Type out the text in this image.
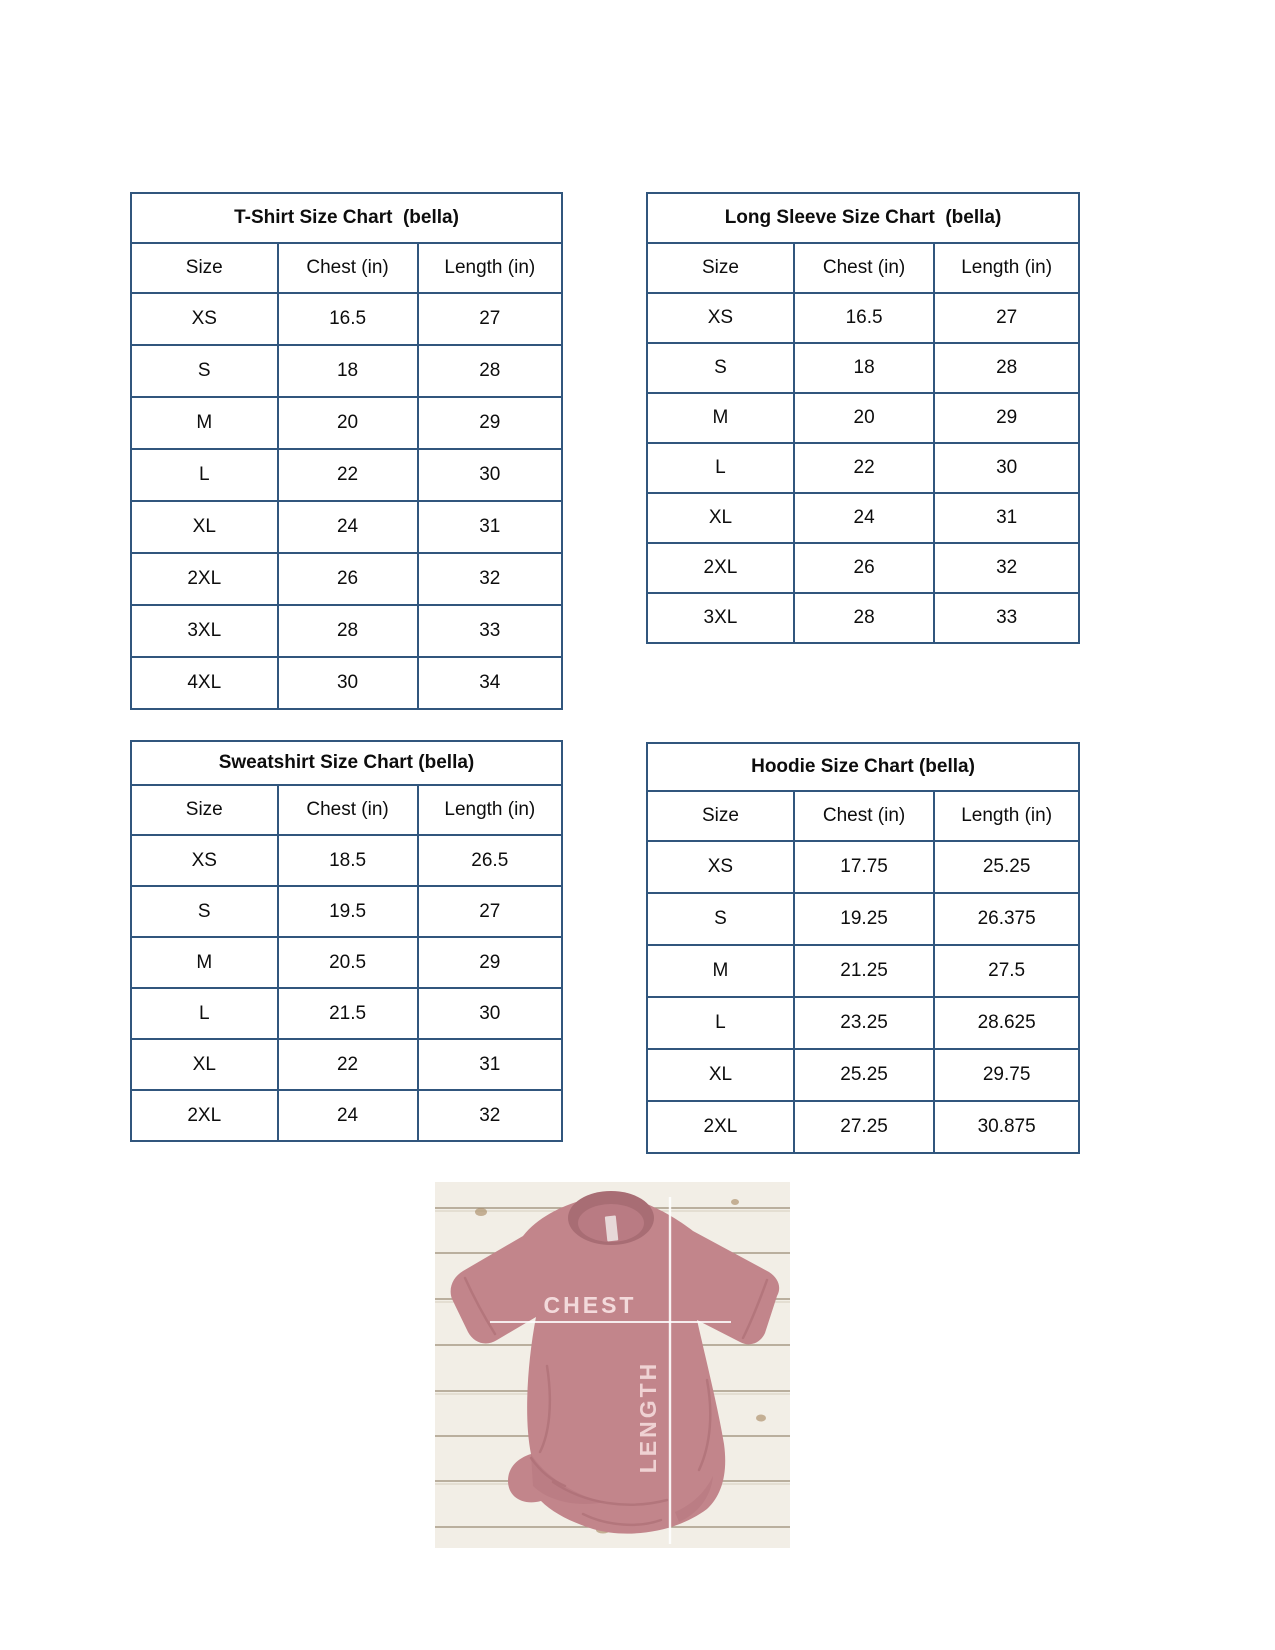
T-Shirt Size Chart  (bella)		
Size	Chest (in)	Length (in)
XS	16.5	27
S	18	28
M	20	29
L	22	30
XL	24	31
2XL	26	32
3XL	28	33
4XL	30	34
Long Sleeve Size Chart  (bella)		
Size	Chest (in)	Length (in)
XS	16.5	27
S	18	28
M	20	29
L	22	30
XL	24	31
2XL	26	32
3XL	28	33
Sweatshirt Size Chart (bella)		
Size	Chest (in)	Length (in)
XS	18.5	26.5
S	19.5	27
M	20.5	29
L	21.5	30
XL	22	31
2XL	24	32
Hoodie Size Chart (bella)		
Size	Chest (in)	Length (in)
XS	17.75	25.25
S	19.25	26.375
M	21.25	27.5
L	23.25	28.625
XL	25.25	29.75
2XL	27.25	30.875
CHEST
LENGTH
